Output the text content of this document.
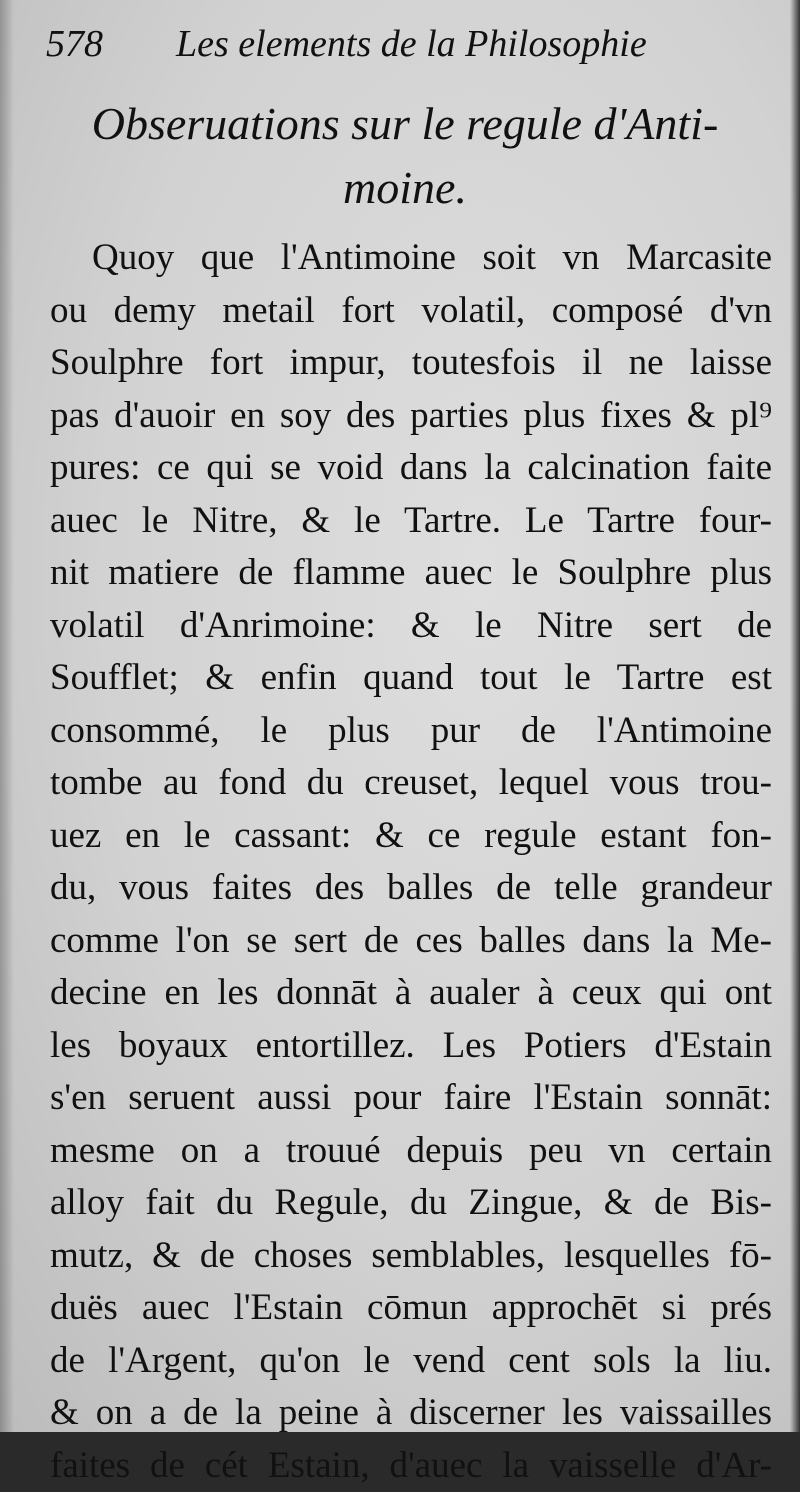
578 Les elements de la Philosophie
Obseruations sur le regule d'Anti-
moine.
Quoy que l'Antimoine soit vn Marcasite
ou demy metail fort volatil, composé d'vn
Soulphre fort impur, toutesfois il ne laisse
pas d'auoir en soy des parties plus fixes & pl⁹
pures: ce qui se void dans la calcination faite
auec le Nitre, & le Tartre. Le Tartre four-
nit matiere de flamme auec le Soulphre plus
volatil d'Anrimoine: & le Nitre sert de
Soufflet; & enfin quand tout le Tartre est
consommé, le plus pur de l'Antimoine
tombe au fond du creuset, lequel vous trou-
uez en le cassant: & ce regule estant fon-
du, vous faites des balles de telle grandeur
comme l'on se sert de ces balles dans la Me-
decine en les donnāt à aualer à ceux qui ont
les boyaux entortillez. Les Potiers d'Estain
s'en seruent aussi pour faire l'Estain sonnāt:
mesme on a trouué depuis peu vn certain
alloy fait du Regule, du Zingue, & de Bis-
mutz, & de choses semblables, lesquelles fō-
duës auec l'Estain cōmun approchēt si prés
de l'Argent, qu'on le vend cent sols la liu.
& on a de la peine à discerner les vaissailles
faites de cét Estain, d'auec la vaisselle d'Ar-
